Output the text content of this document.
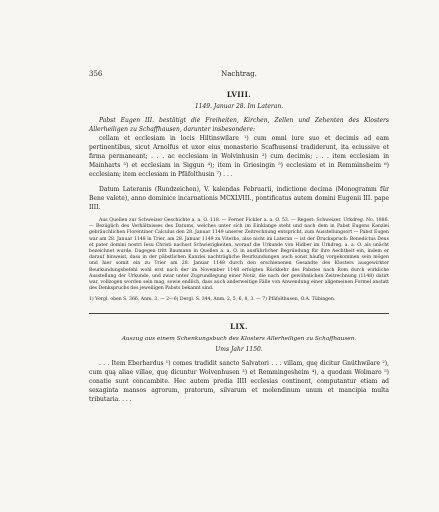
356	Nachtrag.
LVIII.
1149. Januar 28. Im Lateran.

Pabst Eugen III. bestätigt die Freiheiten, Kirchen, Zellen und Zehenten des Klosters Allerheiligen zu Schaffhausen, darunter insbesondere:

cellam et ecclesiam in locis Hiltinswilare ¹) cum omni iure suo et decimis ad eam pertinentibus, sicut Arnolfus et uxor eius monasterio Scafhusensi tradiderunt, ita eciussive et firma permaneant; . . . ac ecclesiam in Wolvinhusin ²) cum decimis; . . . item ecclesiam in Mainharts ³) et ecclesiam in Siggun ⁴); item in Griesingin ⁵) ecclesiam et in Remminsheim ⁶) ecclesiam; item ecclesiam in Pfäfolthusin ⁷) . . .

Datum Lateranis (Rundzeichen), V. kalendas Februarii, indictione decima (Monogramm für Bene valete), anno dominice incarnationis MCXLVIII., pontificatus autem domini Eugenii III. pape IIII.

Aus Quellen zur Schweizer Geschichte a. a. O. 118. — Ferner Fickler a. a. O. 53. — Regest: Schweizer. Urkdreg. No. 1886. — Bezüglich des Verhältnisses des Datums, welches unter sich im Einklange steht und nach dem in Pabst Eugens Kanzlei gebräuchlichen Florentiner Calculus den 28. Januar 1149 unserer Zeitrechnung entspricht, zum Ausstellungsort — Pabst Eugen war am 28. Januar 1148 in Trier, am 28. Januar 1149 zu Viterbo, also nicht im Lateran — ist der Druckspruch: Benedictus Deus et pater domini nostri Iesu Christi nachsst Schwierigkeiten, worauf die Urkunde von Hidber im Urkdreg. a. a. O. als unächt bezeichnet wurde. Dagegen tritt Baumann in Quellen a. a. O. in ausführlicher Begründung für ihre Aechtheit ein, indem er darauf hinweist, dass in der päbstlichen Kanzlei nachträgliche Beurkundungen auch sonst häufig vorgekommen sein mögen und hier somit ein zu Trier am 28. Januar 1148 durch den erschienenen Gesandte des Klosters ausgewirkter Beurkundungsbefehl wohl erst nach der im November 1148 erfolgten Rückkehr des Pabstes nach Rom durch wirkliche Ausstellung der Urkunde, und zwar unter Zugrundlegung einer Notiz, die nach der gewöhnlichen Zeitrechnung (1148) datirt war, vollzogen worden sein mag, sowie endlich, dass auch anderweitige Fälle von Anwendung einer allgemeinen Formel anstatt des Denkspruchs des jeweiligen Pabsts bekannt sind.

1) Vergl. oben S. 366, Anm. 3. — 2—6) Dergl. S. 344, Anm. 2, 5, 6, 8, 3. — 7) Pfäfolthusen, O.A. Tübingen.

LIX.
Auszug aus einem Schenkungsbuch des Klosters Allerheiligen zu Schaffhausen.
Ums Jahr 1150.

. . . Item Eberhardus ¹) comes tradidit sancto Salvatori . . . villam, quę dicitur Gnüthwilare ²), cum quą aliae villae, quę dicuntur Wolvenhusen ³) et Remmingesheim ⁴), a quodam Wolmaro ⁵) conatie sunt concambite. Hec autem predia IIII ecclesias continent, computantur etiam ad sexaginta mansos agrorum, pratorum, silvarum et molendinum unum et mancipia multa tributaria. . . .
